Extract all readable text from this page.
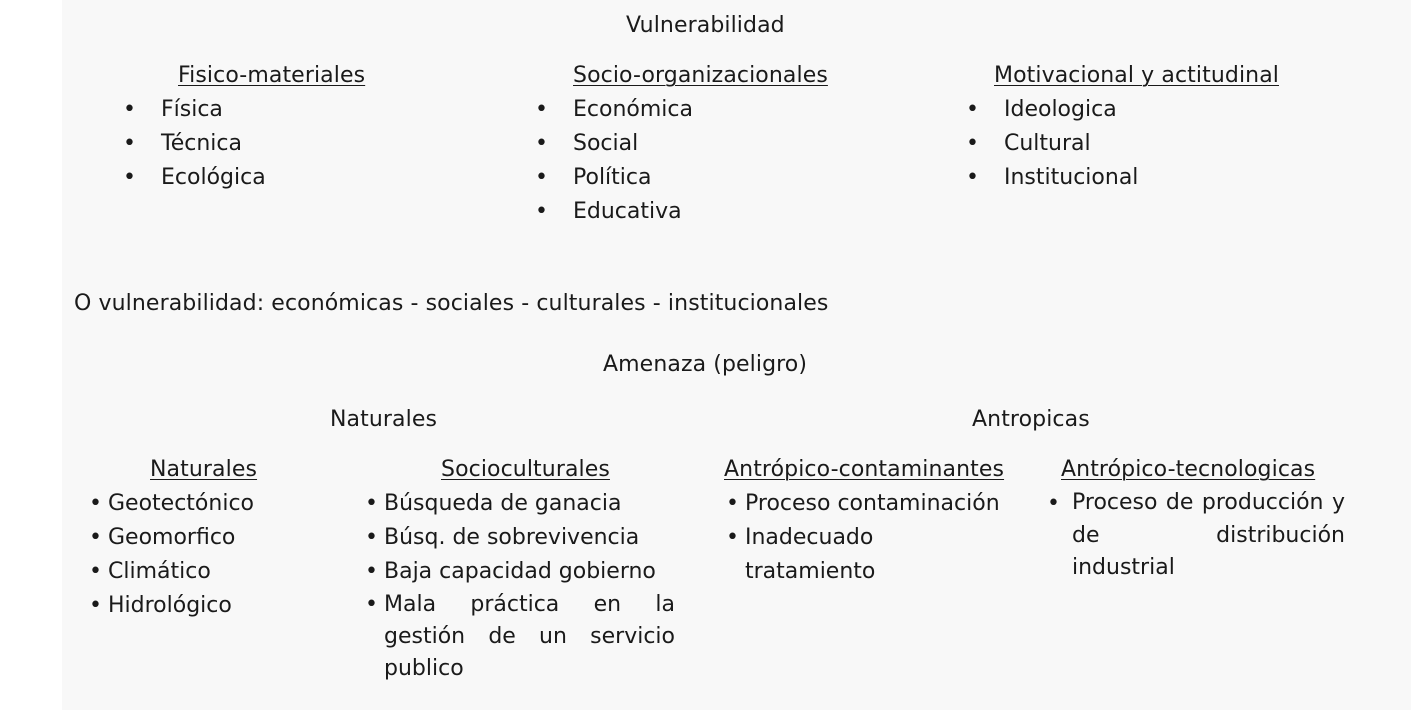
Vulnerabilidad
Fisico-materiales
• Física
• Técnica
• Ecológica
Socio-organizacionales
• Económica
• Social
• Política
• Educativa
Motivacional y actitudinal
• Ideologica
• Cultural
• Institucional
O vulnerabilidad: económicas - sociales - culturales - institucionales
Amenaza (peligro)
Naturales	Antropicas
Naturales
• Geotectónico
• Geomorfico
• Climático
• Hidrológico
Socioculturales
• Búsqueda de ganacia
• Búsq. de sobrevivencia
• Baja capacidad gobierno
• Mala práctica en la gestión de un servicio publico
Antrópico-contaminantes
• Proceso contaminación
• Inadecuado tratamiento
Antrópico-tecnologicas
Proceso de producción y de distribución industrial
•
